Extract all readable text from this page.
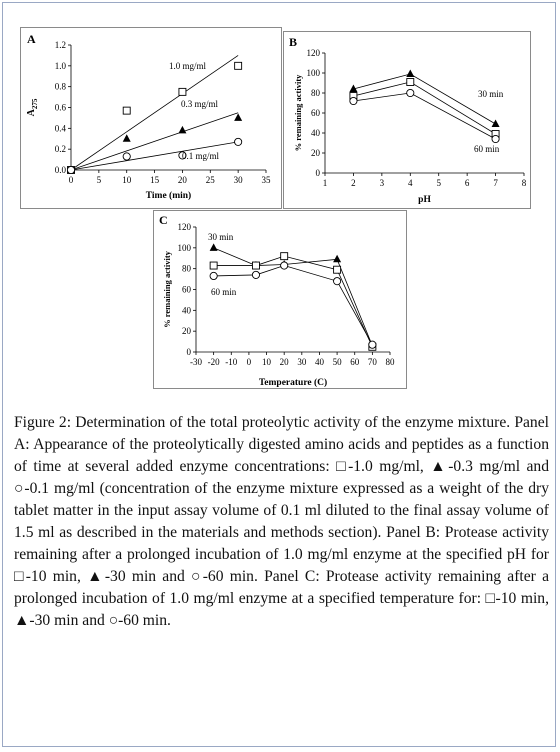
A
0.0
0.2
0.4
0.6
0.8
1.0
1.2
0	5 10 15 20 25 30 35
Time (min)
$A_{275}$
1.0 mg/ml
0.3 mg/ml
0.1 mg/ml
B
0
20
40
60
80
100
120
1	2	3	4	5	6	7	8
pH
% remaining activity	30 min
60 min
C
0
20
40
60
80
100
120
-30 -20 -10 0 10 20 30 40 50 60 70 80
Temperature (C)
% remaining activity
30 min
60 min
Figure 2: Determination of the total proteolytic activity of the enzyme mixture. Panel A: Appearance of the proteolytically digested amino acids and peptides as a function of time at several added enzyme concentrations: □-1.0 mg/ml, ▲-0.3 mg/ml and ○-0.1 mg/ml (concentration of the enzyme mixture expressed as a weight of the dry tablet matter in the input assay volume of 0.1 ml diluted to the final assay volume of 1.5 ml as described in the materials and methods section). Panel B: Protease activity remaining after a prolonged incubation of 1.0 mg/ml enzyme at the specified pH for □-10 min, ▲-30 min and ○-60 min. Panel C: Protease activity remaining after a prolonged incubation of 1.0 mg/ml enzyme at a specified temperature for: □-10 min, ▲-30 min and ○-60 min.
